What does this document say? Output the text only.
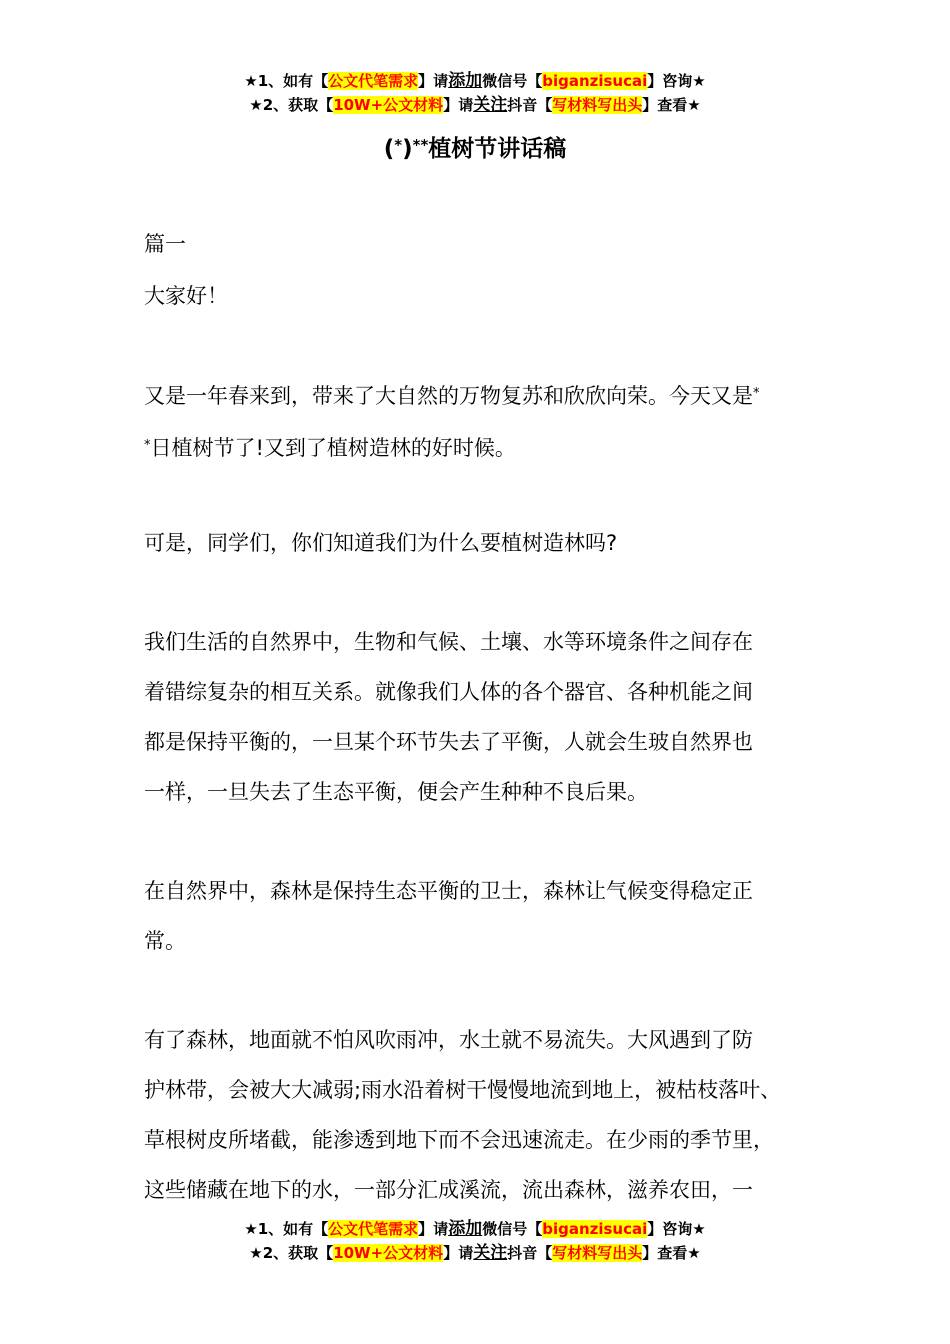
★1、如有【公文代笔需求】请添加微信号【biganzisucai】咨询★
★2、获取【10W+公文材料】请关注抖音【写材料写出头】查看★
(*)**植树节讲话稿

篇一

大家好！

又是一年春来到，带来了大自然的万物复苏和欣欣向荣。今天又是*

*日植树节了!又到了植树造林的好时候。

可是，同学们，你们知道我们为什么要植树造林吗?

我们生活的自然界中，生物和气候、土壤、水等环境条件之间存在

着错综复杂的相互关系。就像我们人体的各个器官、各种机能之间

都是保持平衡的，一旦某个环节失去了平衡，人就会生玻自然界也

一样，一旦失去了生态平衡，便会产生种种不良后果。

在自然界中，森林是保持生态平衡的卫士，森林让气候变得稳定正

常。

有了森林，地面就不怕风吹雨冲，水土就不易流失。大风遇到了防

护林带，会被大大减弱;雨水沿着树干慢慢地流到地上，被枯枝落叶、

草根树皮所堵截，能渗透到地下而不会迅速流走。在少雨的季节里，

这些储藏在地下的水，一部分汇成溪流，流出森林，滋养农田，一

★1、如有【公文代笔需求】请添加微信号【biganzisucai】咨询★
★2、获取【10W+公文材料】请关注抖音【写材料写出头】查看★
